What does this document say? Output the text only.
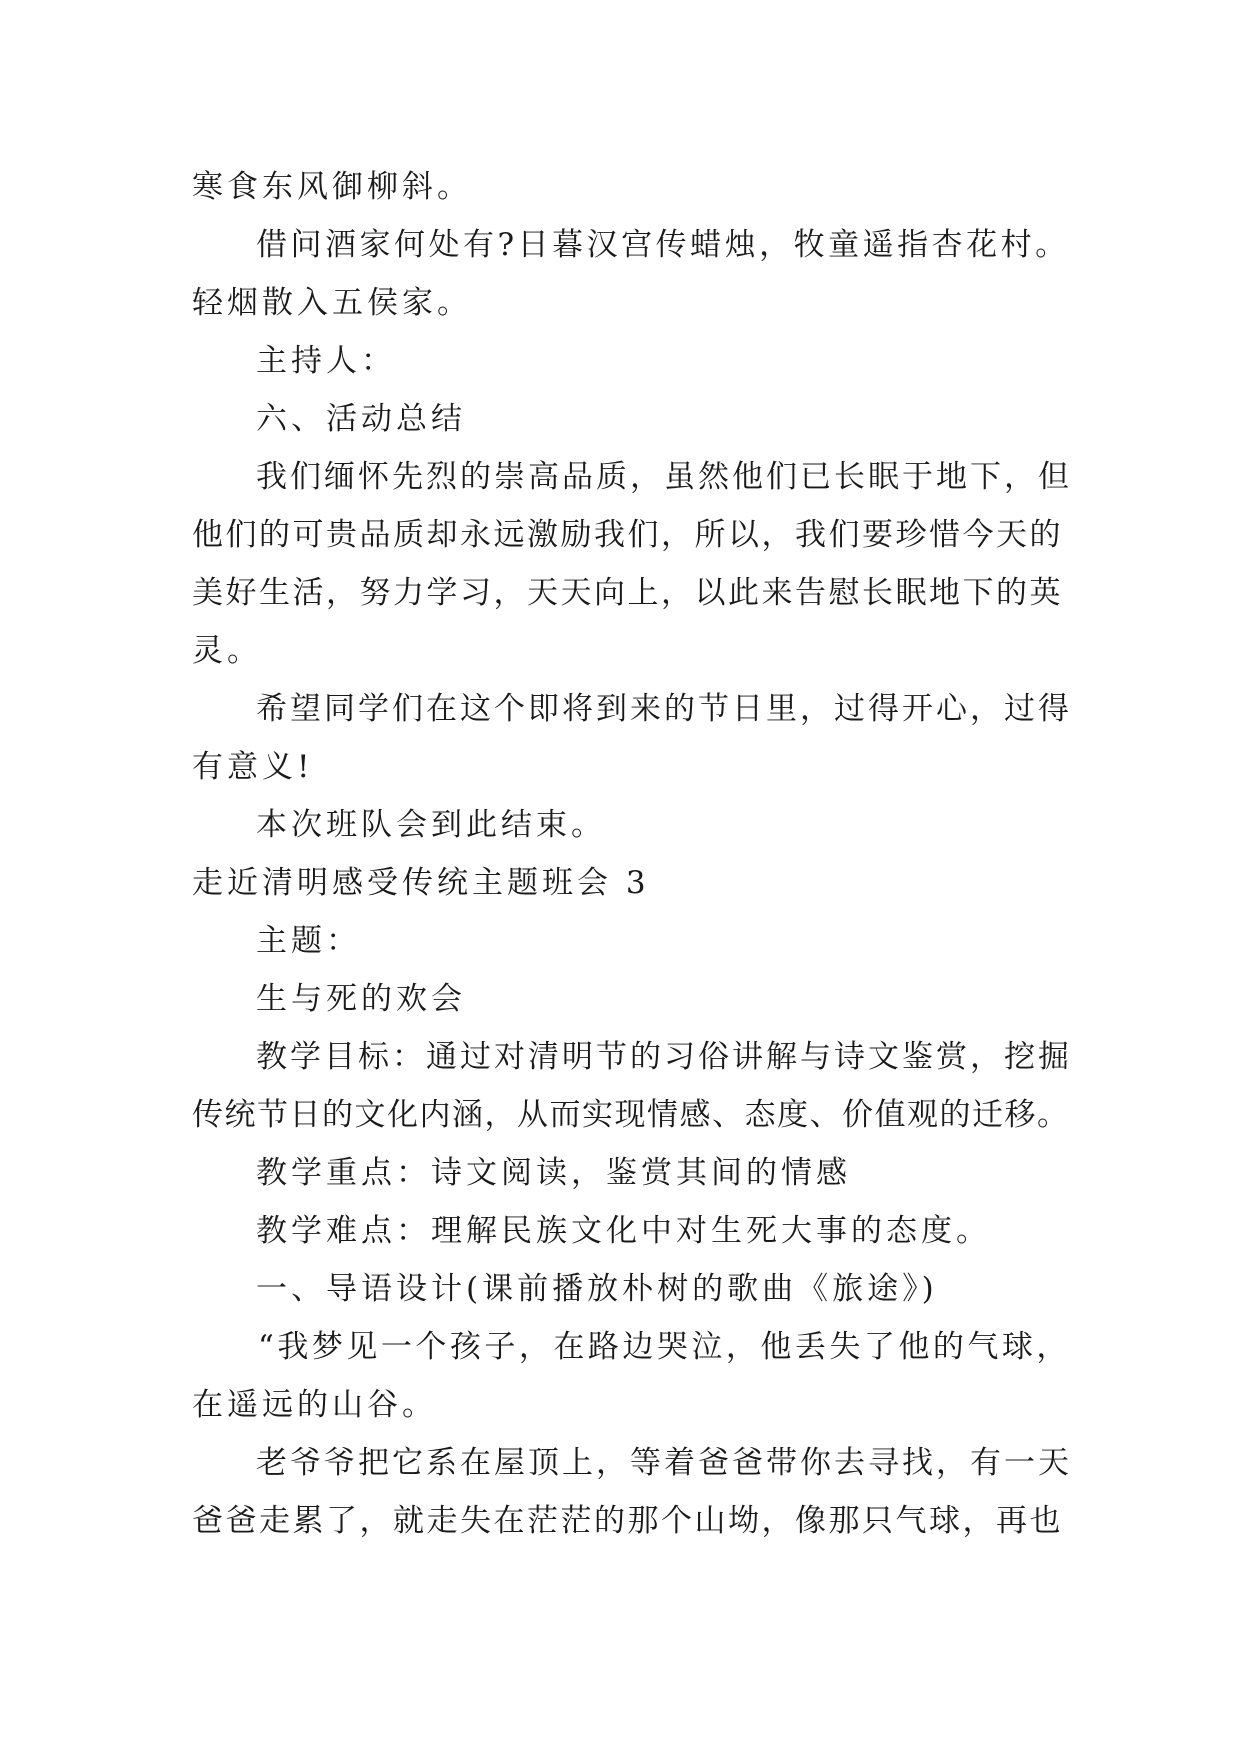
寒食东风御柳斜。
借问酒家何处有?日暮汉宫传蜡烛，牧童遥指杏花村。
轻烟散入五侯家。
主持人：
六、活动总结
我们缅怀先烈的崇高品质，虽然他们已长眠于地下，但
他们的可贵品质却永远激励我们，所以，我们要珍惜今天的
美好生活，努力学习，天天向上，以此来告慰长眠地下的英
灵。
希望同学们在这个即将到来的节日里，过得开心，过得
有意义!
本次班队会到此结束。
走近清明感受传统主题班会 3
主题：
生与死的欢会
教学目标：通过对清明节的习俗讲解与诗文鉴赏，挖掘
传统节日的文化内涵，从而实现情感、态度、价值观的迁移。
教学重点：诗文阅读，鉴赏其间的情感
教学难点：理解民族文化中对生死大事的态度。
一、导语设计(课前播放朴树的歌曲《旅途》)
“我梦见一个孩子，在路边哭泣，他丢失了他的气球，
在遥远的山谷。
老爷爷把它系在屋顶上，等着爸爸带你去寻找，有一天
爸爸走累了，就走失在茫茫的那个山坳，像那只气球，再也
